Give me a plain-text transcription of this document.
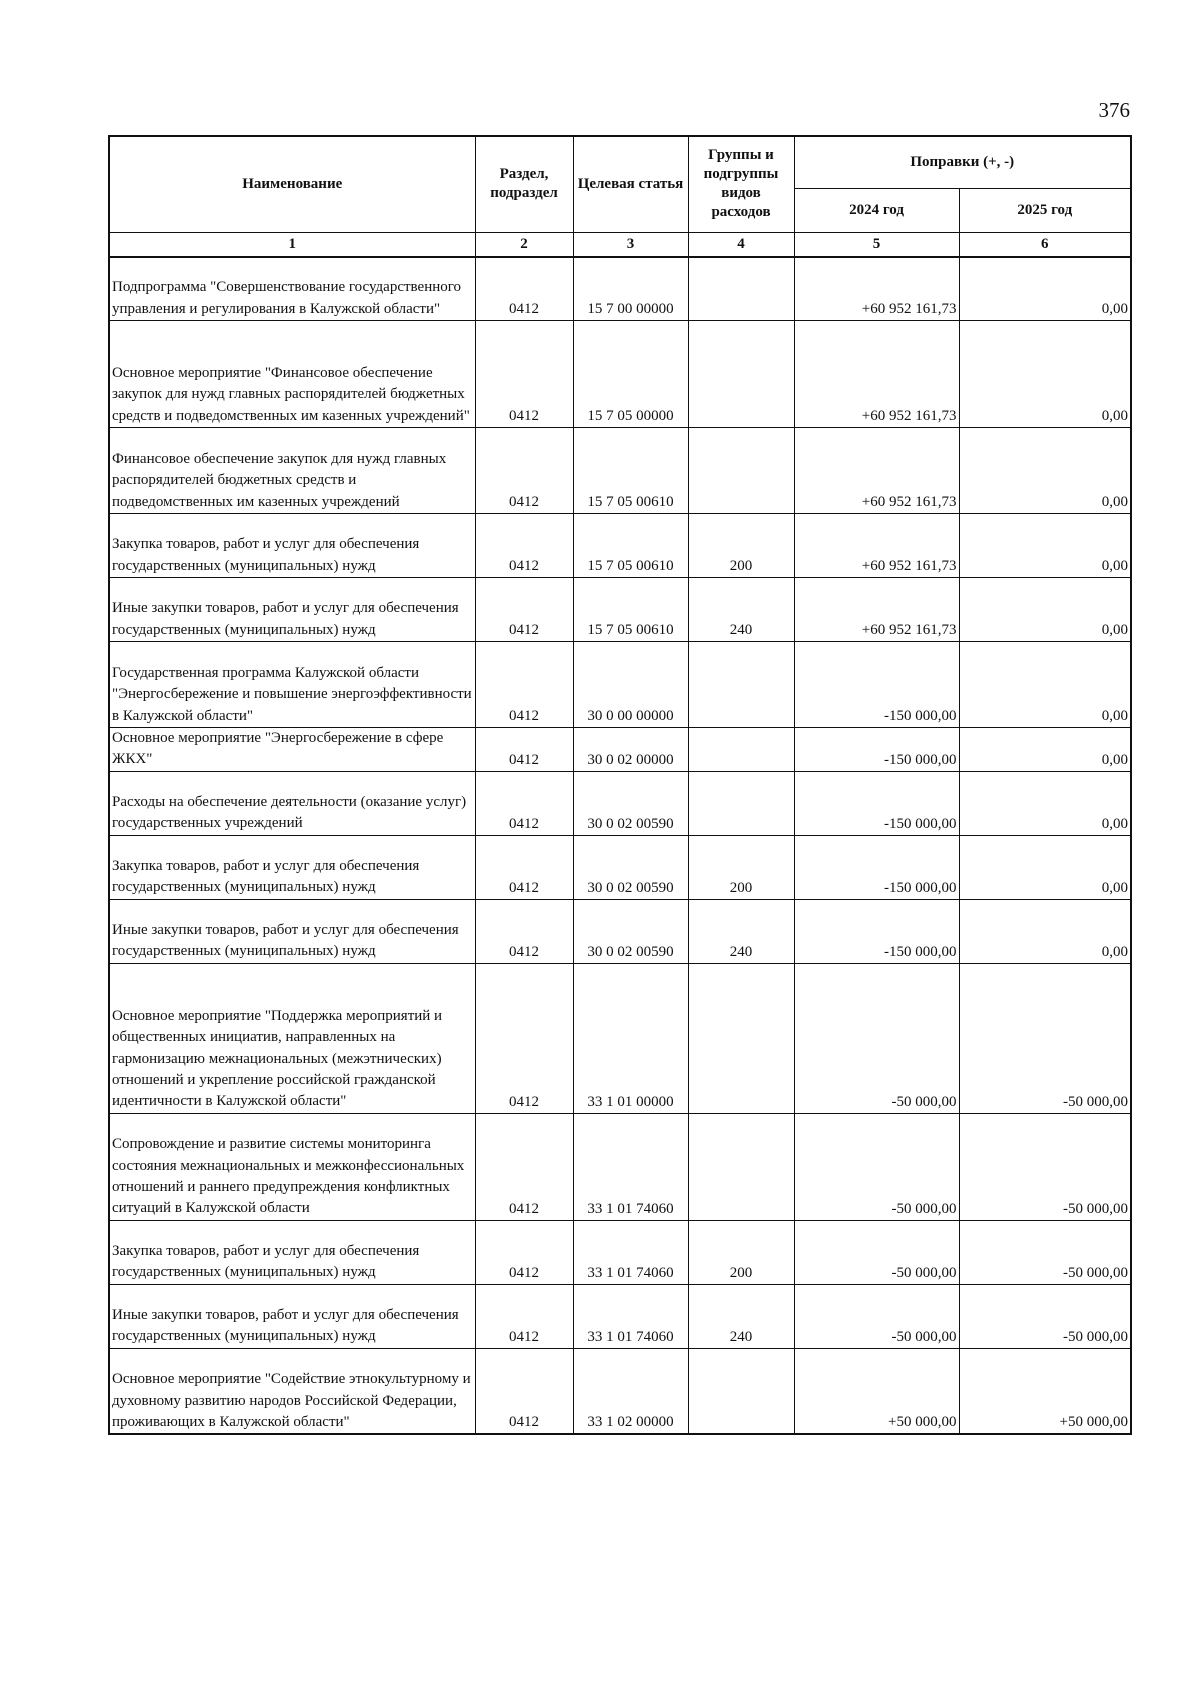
376
Наименование	Раздел, подраздел	Целевая статья	Группы и подгруппы видов расходов	Поправки (+, -)	
				2024 год	2025 год
1	2	3	4	5	6
Подпрограмма "Совершенствование государственного управления и регулирования в Калужской области"	0412	15 7 00 00000		+60 952 161,73	0,00
Основное мероприятие "Финансовое обеспечение закупок для нужд главных распорядителей бюджетных средств и подведомственных им казенных учреждений"	0412	15 7 05 00000		+60 952 161,73	0,00
Финансовое обеспечение закупок для нужд главных распорядителей бюджетных средств и подведомственных им казенных учреждений	0412	15 7 05 00610		+60 952 161,73	0,00
Закупка товаров, работ и услуг для обеспечения государственных (муниципальных) нужд	0412	15 7 05 00610	200	+60 952 161,73	0,00
Иные закупки товаров, работ и услуг для обеспечения государственных (муниципальных) нужд	0412	15 7 05 00610	240	+60 952 161,73	0,00
Государственная программа Калужской области "Энергосбережение и повышение энергоэффективности в Калужской области"	0412	30 0 00 00000		-150 000,00	0,00
Основное мероприятие "Энергосбережение в сфере ЖКХ"	0412	30 0 02 00000		-150 000,00	0,00
Расходы на обеспечение деятельности (оказание услуг) государственных учреждений	0412	30 0 02 00590		-150 000,00	0,00
Закупка товаров, работ и услуг для обеспечения государственных (муниципальных) нужд	0412	30 0 02 00590	200	-150 000,00	0,00
Иные закупки товаров, работ и услуг для обеспечения государственных (муниципальных) нужд	0412	30 0 02 00590	240	-150 000,00	0,00
Основное мероприятие "Поддержка мероприятий и общественных инициатив, направленных на гармонизацию межнациональных (межэтнических) отношений и укрепление российской гражданской идентичности в Калужской области"	0412	33 1 01 00000		-50 000,00	-50 000,00
Сопровождение и развитие системы мониторинга состояния межнациональных и межконфессиональных отношений и раннего предупреждения конфликтных ситуаций в Калужской области	0412	33 1 01 74060		-50 000,00	-50 000,00
Закупка товаров, работ и услуг для обеспечения государственных (муниципальных) нужд	0412	33 1 01 74060	200	-50 000,00	-50 000,00
Иные закупки товаров, работ и услуг для обеспечения государственных (муниципальных) нужд	0412	33 1 01 74060	240	-50 000,00	-50 000,00
Основное мероприятие "Содействие этнокультурному и духовному развитию народов Российской Федерации, проживающих в Калужской области"	0412	33 1 02 00000		+50 000,00	+50 000,00
